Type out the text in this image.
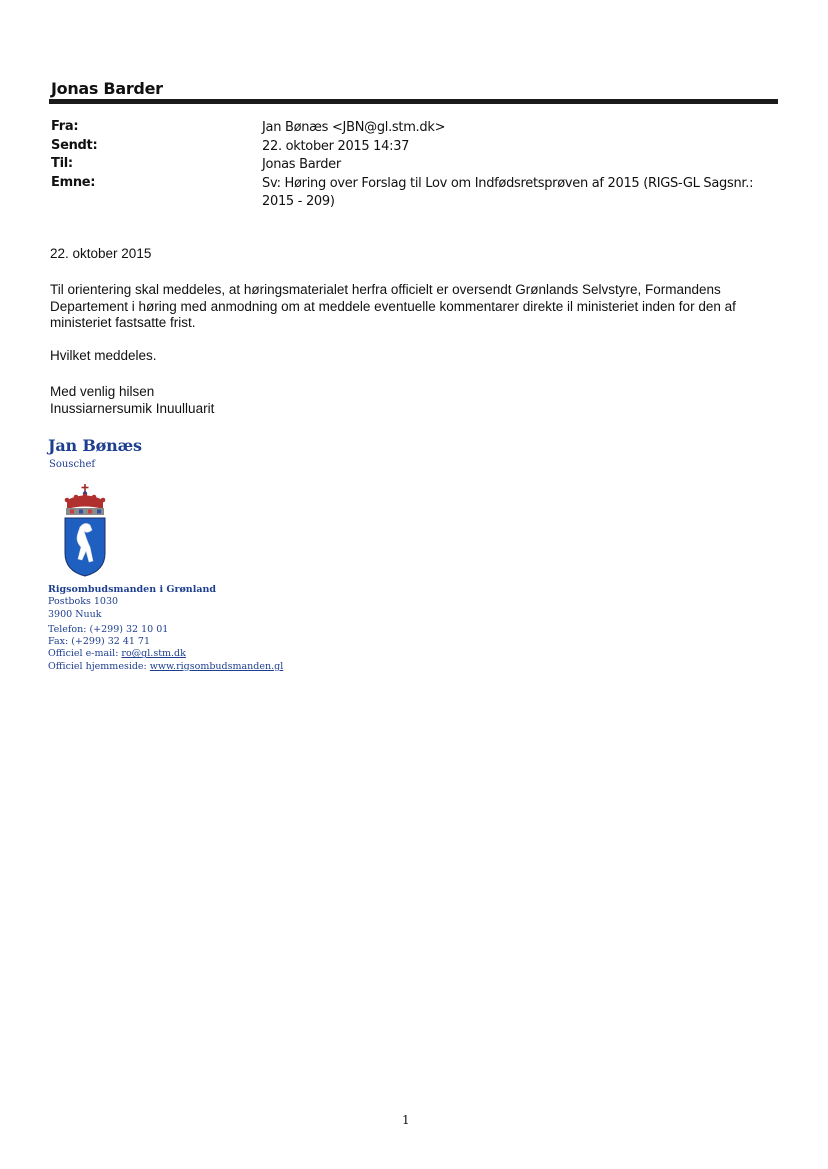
Jonas Barder
Fra:	Jan Bønæs <JBN@gl.stm.dk>
Sendt:	22. oktober 2015 14:37
Til:	Jonas Barder
Emne:	Sv: Høring over Forslag til Lov om Indfødsretsprøven af 2015 (RIGS-GL Sagsnr.: 2015 - 209)
22. oktober 2015
Til orientering skal meddeles, at høringsmaterialet herfra officielt er oversendt Grønlands Selvstyre, Formandens Departement i høring med anmodning om at meddele eventuelle kommentarer direkte il ministeriet inden for den af ministeriet fastsatte frist.
Hvilket meddeles.
Med venlig hilsen
Inussiarnersumik Inuulluarit
Jan Bønæs
Souschef
Rigsombudsmanden i Grønland
Postboks 1030
3900 Nuuk
Telefon: (+299) 32 10 01
Fax: (+299) 32 41 71
Officiel e-mail: ro@gl.stm.dk
Officiel hjemmeside: www.rigsombudsmanden.gl
1
